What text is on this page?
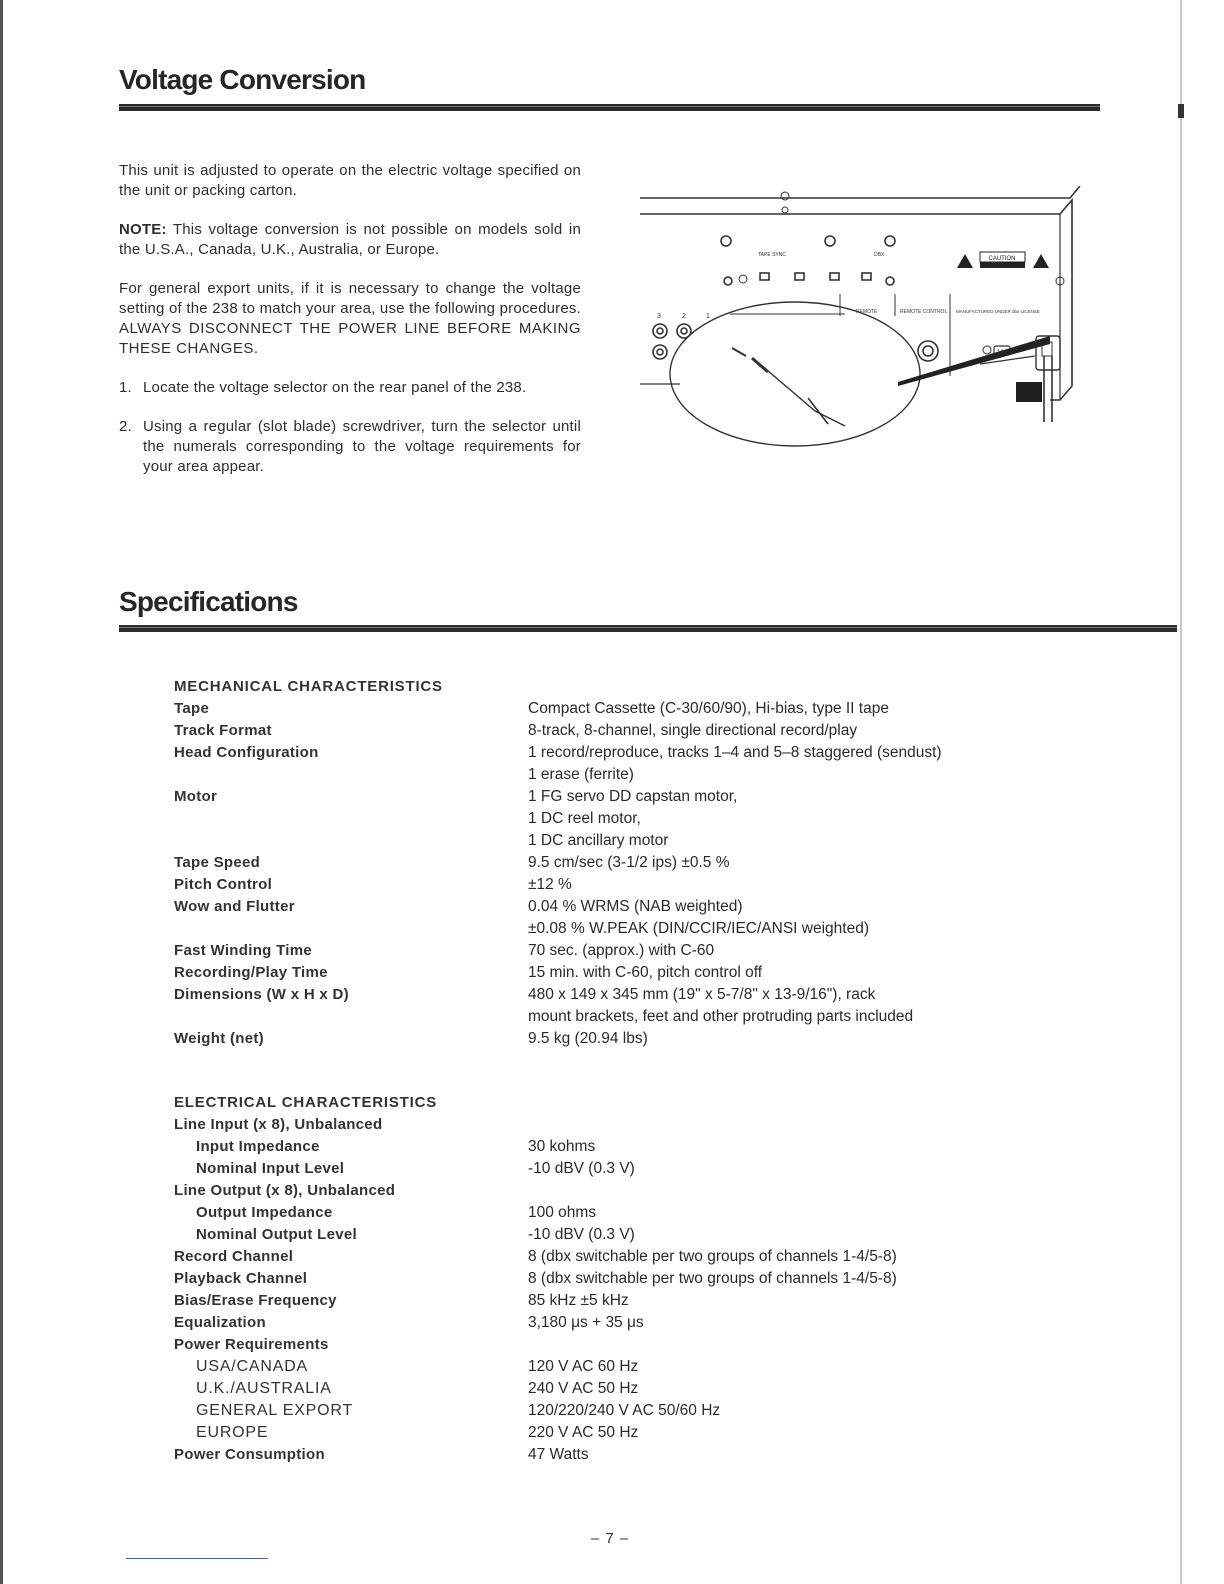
Voltage Conversion

This unit is adjusted to operate on the electric voltage specified on the unit or packing carton.

NOTE: This voltage conversion is not possible on models sold in the U.S.A., Canada, U.K., Australia, or Europe.

For general export units, if it is necessary to change the voltage setting of the 238 to match your area, use the following procedures. ALWAYS DISCONNECT THE POWER LINE BEFORE MAKING THESE CHANGES.

1. Locate the voltage selector on the rear panel of the 238.
2. Using a regular (slot blade) screwdriver, turn the selector until the numerals corresponding to the voltage requirements for your area appear.
CAUTION
TAPE SYNC	DBX
REMOTE	REMOTE CONTROL MANUFACTURED UNDER dbx LICENSE
3	2	1
120
Specifications
MECHANICAL CHARACTERISTICS
Tape	Compact Cassette (C-30/60/90), Hi-bias, type II tape
Track Format	8-track, 8-channel, single directional record/play
Head Configuration	1 record/reproduce, tracks 1–4 and 5–8 staggered (sendust)
1 erase (ferrite)
Motor	1 FG servo DD capstan motor,
1 DC reel motor,
1 DC ancillary motor
Tape Speed	9.5 cm/sec (3-1/2 ips) ±0.5 %
Pitch Control	±12 %
Wow and Flutter	0.04 % WRMS (NAB weighted)
±0.08 % W.PEAK (DIN/CCIR/IEC/ANSI weighted)
Fast Winding Time	70 sec. (approx.) with C-60
Recording/Play Time	15 min. with C-60, pitch control off
Dimensions (W x H x D)	480 x 149 x 345 mm (19" x 5-7/8" x 13-9/16"), rack
mount brackets, feet and other protruding parts included
Weight (net)	9.5 kg (20.94 lbs)
ELECTRICAL CHARACTERISTICS
Line Input (x 8), Unbalanced
Input Impedance	30 kohms
Nominal Input Level	-10 dBV (0.3 V)
Line Output (x 8), Unbalanced
Output Impedance	100 ohms
Nominal Output Level	-10 dBV (0.3 V)
Record Channel	8 (dbx switchable per two groups of channels 1-4/5-8)
Playback Channel	8 (dbx switchable per two groups of channels 1-4/5-8)
Bias/Erase Frequency	85 kHz ±5 kHz
Equalization	3,180 μs + 35 μs
Power Requirements
USA/CANADA	120 V AC 60 Hz
U.K./AUSTRALIA	240 V AC 50 Hz
GENERAL EXPORT	120/220/240 V AC 50/60 Hz
EUROPE	220 V AC 50 Hz
Power Consumption	47 Watts
– 7 –
